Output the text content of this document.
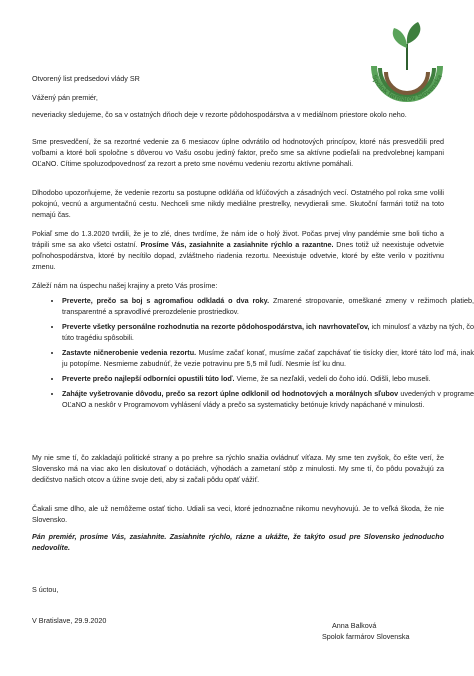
Spolok farmárov Slovenska
Otvorený list predsedovi vlády SR
Vážený pán premiér,
neveriacky sledujeme, čo sa v ostatných dňoch deje v rezorte pôdohospodárstva a v mediálnom priestore okolo neho.
Sme presvedčení, že sa rezortné vedenie za 6 mesiacov úplne odvrátilo od hodnotových princípov, ktoré nás presvedčili pred voľbami a ktoré boli spoločne s dôverou vo Vašu osobu jediný faktor, prečo sme sa aktívne podieľali na predvolebnej kampani OĽaNO. Cítime spoluzodpovednosť za rezort a preto sme novému vedeniu rezortu aktívne pomáhali.
Dlhodobo upozorňujeme, že vedenie rezortu sa postupne odkláňa od kľúčových a zásadných vecí. Ostatného pol roka sme volili pokojnú, vecnú a argumentačnú cestu. Nechceli sme nikdy mediálne prestrelky, nevydierali sme. Skutoční farmári totiž na toto nemajú čas.
Pokiaľ sme do 1.3.2020 tvrdili, že je to zlé, dnes tvrdíme, že nám ide o holý život. Počas prvej vlny pandémie sme boli ticho a trápili sme sa ako všetci ostatní. Prosíme Vás, zasiahnite a zasiahnite rýchlo a razantne. Dnes totiž už neexistuje odvetvie poľnohospodárstva, ktoré by necítilo dopad, zvláštneho riadenia rezortu. Neexistuje odvetvie, ktoré by ešte verilo v pozitívnu zmenu.
Záleží nám na úspechu našej krajiny a preto Vás prosíme:
• Preverte, prečo sa boj s agromafiou odkladá o dva roky. Zmarené stropovanie, omeškané zmeny v režimoch platieb, transparentné a spravodlivé prerozdelenie prostriedkov.
• Preverte všetky personálne rozhodnutia na rezorte pôdohospodárstva, ich navrhovateľov, ich minulosť a väzby na tých, čo túto tragédiu spôsobili.
• Zastavte ničnerobenie vedenia rezortu. Musíme začať konať, musíme začať zapchávať tie tisícky dier, ktoré táto loď má, inak ju potopíme. Nesmieme zabudnúť, že vezie potravinu pre 5,5 mil ľudí. Nesmie ísť ku dnu.
• Preverte prečo najlepší odborníci opustili túto loď. Vieme, že sa nezľakli, vedeli do čoho idú. Odišli, lebo museli.
• Zahájte vyšetrovanie dôvodu, prečo sa rezort úplne odklonil od hodnotových a morálnych sľubov uvedených v programe OĽaNO a neskôr v Programovom vyhlásení vlády a prečo sa systematicky betónuje krivdy napáchané v minulosti.
My nie sme tí, čo zakladajú politické strany a po prehre sa rýchlo snažia ovládnuť víťaza. My sme ten zvyšok, čo ešte verí, že Slovensko má na viac ako len diskutovať o dotáciách, výhodách a zametaní stôp z minulosti. My sme tí, čo pôdu považujú za dedičstvo našich otcov a úžine svoje deti, aby si začali pôdu opäť vážiť.
Čakali sme dlho, ale už nemôžeme ostať ticho. Udiali sa veci, ktoré jednoznačne nikomu nevyhovujú. Je to veľká škoda, že nie Slovensko.
Pán premiér, prosíme Vás, zasiahnite. Zasiahnite rýchlo, rázne a ukážte, že takýto osud pre Slovensko jednoducho nedovolíte.
S úctou,
V Bratislave, 29.9.2020
Anna Balková
Spolok farmárov Slovenska
